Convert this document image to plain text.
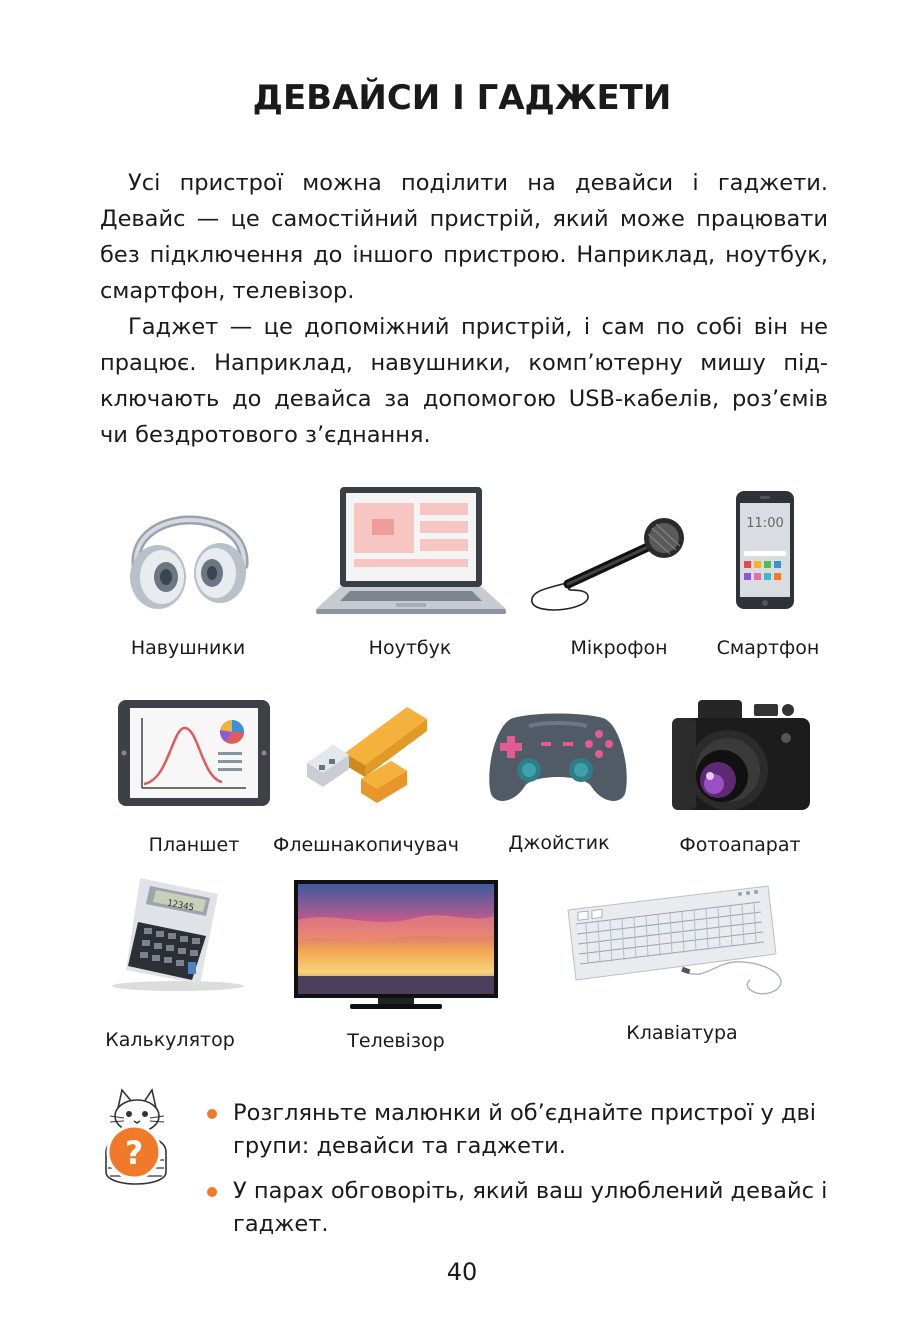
ДЕВАЙСИ І ГАДЖЕТИ

Усі пристрої можна поділити на девайси і гаджети. Девайс — це самостійний пристрій, який може працювати без підключення до іншого пристрою. Наприклад, ноутбук, смартфон, телевізор.

Гаджет — це допоміжний пристрій, і сам по собі він не працює. Наприклад, навушники, комп’ютерну мишу підключають до девайса за допомогою USB-кабелів, роз’ємів чи бездротового з’єднання.

Навушники	Ноутбук	Мікрофон
11:00
Смартфон
Планшет Флешнакопичувач	Джойстик	Фотоапарат
12345
Калькулятор	Телевізор	Клавіатура
?
Розгляньте малюнки й об’єднайте пристрої у дві групи: девайси та гаджети.
У парах обговоріть, який ваш улюблений девайс і гаджет.
40
